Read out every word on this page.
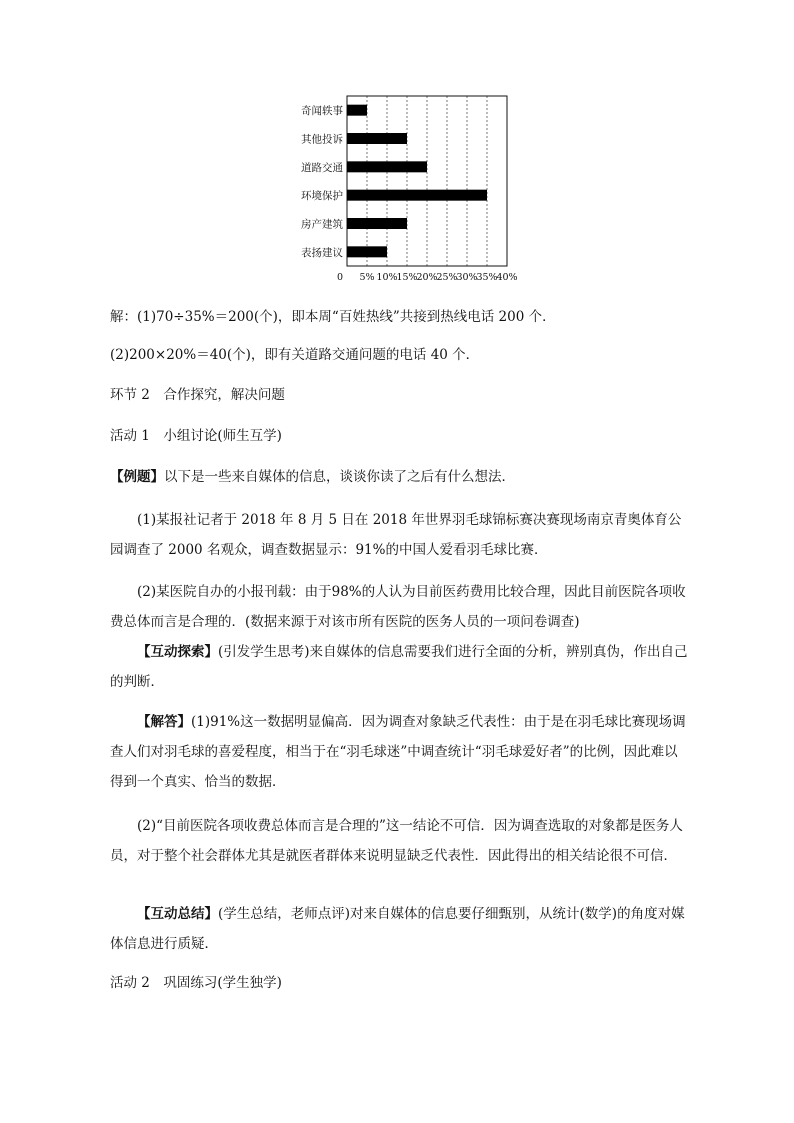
奇闻轶事
其他投诉
道路交通
环境保护
房产建筑
表扬建议
0 5% 10%
15%
20%
25%
30%
35%
40%

解：(1)70÷35%＝200(个)，即本周“百姓热线”共接到热线电话 200 个．

(2)200×20%＝40(个)，即有关道路交通问题的电话 40 个．

环节 2　合作探究，解决问题

活动 1　小组讨论(师生互学)

【例题】以下是一些来自媒体的信息，谈谈你读了之后有什么想法．

(1)某报社记者于 2018 年 8 月 5 日在 2018 年世界羽毛球锦标赛决赛现场南京青奥体育公园调查了 2000 名观众，调查数据显示：91%的中国人爱看羽毛球比赛．

(2)某医院自办的小报刊载：由于98%的人认为目前医药费用比较合理，因此目前医院各项收费总体而言是合理的．(数据来源于对该市所有医院的医务人员的一项问卷调查)

【互动探索】(引发学生思考)来自媒体的信息需要我们进行全面的分析，辨别真伪，作出自己的判断．

【解答】(1)91%这一数据明显偏高．因为调查对象缺乏代表性：由于是在羽毛球比赛现场调查人们对羽毛球的喜爱程度，相当于在“羽毛球迷”中调查统计“羽毛球爱好者”的比例，因此难以得到一个真实、恰当的数据．

(2)“目前医院各项收费总体而言是合理的”这一结论不可信．因为调查选取的对象都是医务人员，对于整个社会群体尤其是就医者群体来说明显缺乏代表性．因此得出的相关结论很不可信．

【互动总结】(学生总结，老师点评)对来自媒体的信息要仔细甄别，从统计(数学)的角度对媒体信息进行质疑．

活动 2　巩固练习(学生独学)
